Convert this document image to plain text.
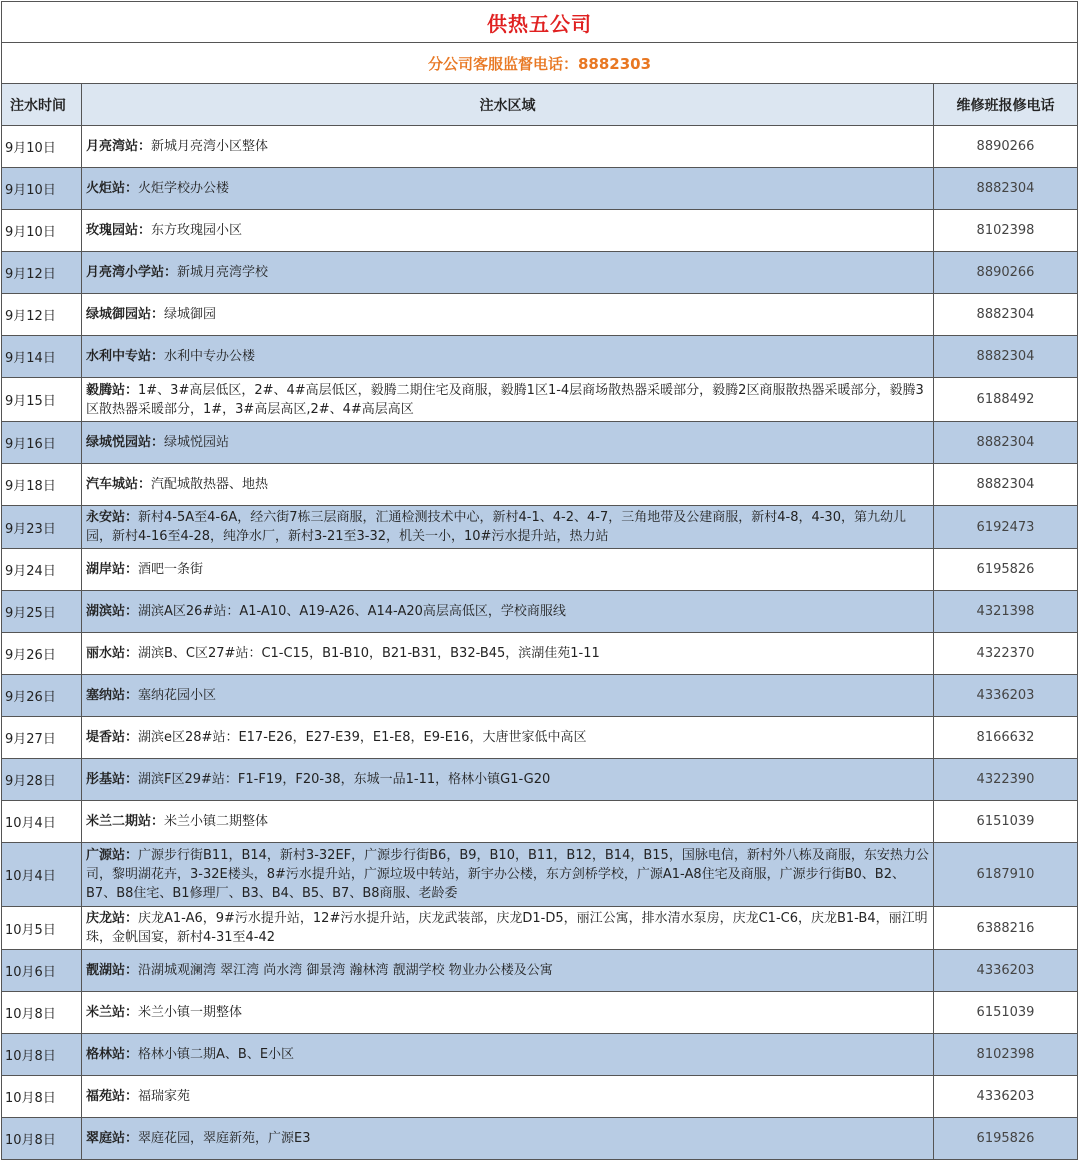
供热五公司		
分公司客服监督电话：8882303		
注水时间	注水区域	维修班报修电话
9月10日	月亮湾站：新城月亮湾小区整体	8890266
9月10日	火炬站：火炬学校办公楼	8882304
9月10日	玫瑰园站：东方玫瑰园小区	8102398
9月12日	月亮湾小学站：新城月亮湾学校	8890266
9月12日	绿城御园站：绿城御园	8882304
9月14日	水利中专站：水利中专办公楼	8882304
9月15日	毅腾站：1#、3#高层低区，2#、4#高层低区，毅腾二期住宅及商服，毅腾1区1-4层商场散热器采暖部分，毅腾2区商服散热器采暖部分，毅腾3区散热器采暖部分，1#，3#高层高区,2#、4#高层高区	6188492
9月16日	绿城悦园站：绿城悦园站	8882304
9月18日	汽车城站：汽配城散热器、地热	8882304
9月23日	永安站：新村4-5A至4-6A，经六街7栋三层商服，汇通检测技术中心，新村4-1、4-2、4-7，三角地带及公建商服，新村4-8，4-30，第九幼儿园，新村4-16至4-28，纯净水厂，新村3-21至3-32，机关一小，10#污水提升站，热力站	6192473
9月24日	湖岸站：酒吧一条街	6195826
9月25日	湖滨站：湖滨A区26#站：A1-A10、A19-A26、A14-A20高层高低区，学校商服线	4321398
9月26日	丽水站：湖滨B、C区27#站：C1-C15，B1-B10，B21-B31，B32-B45，滨湖佳苑1-11	4322370
9月26日	塞纳站：塞纳花园小区	4336203
9月27日	堤香站：湖滨e区28#站：E17-E26，E27-E39，E1-E8，E9-E16，大唐世家低中高区	8166632
9月28日	彤基站：湖滨F区29#站：F1-F19，F20-38，东城一品1-11，格林小镇G1-G20	4322390
10月4日	米兰二期站：米兰小镇二期整体	6151039
10月4日	广源站：广源步行街B11，B14，新村3-32EF，广源步行街B6，B9，B10，B11，B12，B14，B15，国脉电信，新村外八栋及商服，东安热力公司，黎明湖花卉，3-32E楼头，8#污水提升站，广源垃圾中转站，新宇办公楼，东方剑桥学校，广源A1-A8住宅及商服，广源步行街B0、B2、B7、B8住宅、B1修理厂、B3、B4、B5、B7、B8商服、老龄委	6187910
10月5日	庆龙站：庆龙A1-A6，9#污水提升站，12#污水提升站，庆龙武装部，庆龙D1-D5，丽江公寓，排水清水泵房，庆龙C1-C6，庆龙B1-B4，丽江明珠，金帆国宴，新村4-31至4-42	6388216
10月6日	靓湖站：沿湖城观澜湾 翠江湾 尚水湾 御景湾 瀚林湾 靓湖学校 物业办公楼及公寓	4336203
10月8日	米兰站：米兰小镇一期整体	6151039
10月8日	格林站：格林小镇二期A、B、E小区	8102398
10月8日	福苑站：福瑞家苑	4336203
10月8日	翠庭站：翠庭花园，翠庭新苑，广源E3	6195826
